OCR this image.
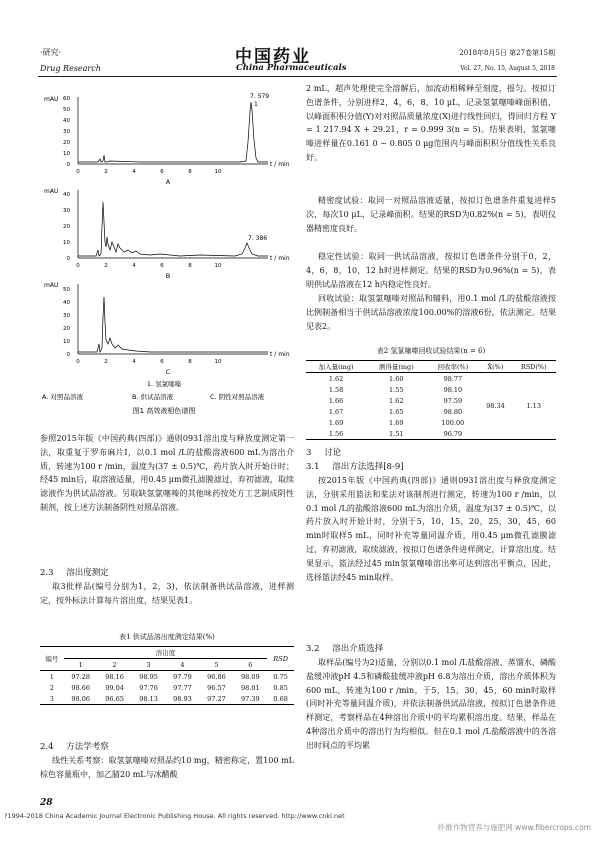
·研究·
Drug Research
中国药业
China Pharmaceuticals
2018年8月5日 第27卷第15期
Vol. 27, No. 15, August 5, 2018
mAU
0
10
20
30
40
50
60	7. 579
1
0	2	4	6	8	10
t / min
A
mAU
0
10
20
30
40
7. 386
0	2	4	6	8	10
t / min
B
mAU
0
10
20
30
40
50
0	2	4	6	8	10
t / min
C
1. 氢氯噻嗪
A. 对照品溶液	B. 供试品溶液	C. 阴性对照品溶液
图1 高效液相色谱图

参照2015年版《中国药典(四部)》通则0931溶出度与释放度测定第一法，取重复于罗布麻片Ⅰ，以0.1 mol /L的盐酸溶液600 mL为溶出介质，转速为100 r /min，温度为(37 ± 0.5)℃，药片放入时开始计时；经45 min后，取溶液适量，用0.45 μm微孔滤膜滤过，弃初滤液，取续滤液作为供试品溶液。另取缺氢氯噻嗪的其他味药按处方工艺制成阴性制剂，按上述方法制备阴性对照品溶液。

2.3 溶出度测定

取3批样品(编号分别为1，2，3)，依法制备供试品溶液，进样测定，按外标法计算每片溶出度，结果见表1。

表1 供试品溶出度测定结果(%)
编号	溶出度						RSD
	1	2	3	4	5	6	
1	97.28	98.16	98.95	97.79	96.86	98.09	0.75
2	98.66	99.04	97.76	97.77	96.57	98.01	0.85
3	98.06	96.65	98.13	98.93	97.27	97.39	0.68
2.4 方法学考察

线性关系考察：取氢氯噻嗪对照品约10 mg，精密称定，置100 mL棕色容量瓶中，加乙腈20 mL与冰醋酸

2 mL，超声处理使完全溶解后，加流动相稀释至刻度，摇匀。按拟订色谱条件，分别进样2，4，6，8，10 μL，记录氢氯噻嗪峰面积值，以峰面积积分值(Y)对对照品质量浓度(X)进行线性回归，得回归方程 Y = 1 217.94 X + 29.21，r = 0.999 3(n = 5)。结果表明，氢氯噻嗪进样量在0.161 0 ~ 0.805 0 μg范围内与峰面积积分值线性关系良好。

精密度试验：取同一对照品溶液适量，按拟订色谱条件重复进样5次，每次10 μL，记录峰面积。结果的RSD为0.82%(n = 5)，表明仪器精密度良好。

稳定性试验：取同一供试品溶液，按拟订色谱条件分别于0，2，4，6，8，10，12 h时进样测定。结果的RSD为0.96%(n = 5)，表明供试品溶液在12 h内稳定性良好。

回收试验：取氢氯噻嗪对照品和辅料，用0.1 mol /L的盐酸溶液按比例制备相当于供试品溶液浓度100.00%的溶液6份，依法测定。结果见表2。

表2 氢氯噻嗪回收试验结果(n = 6)
加入量(mg)	测得量(mg)	回收率(%)	X̄(%)	RSD(%)
1.62	1.60	98.77	98.34	1.13
1.58	1.55	98.10		
1.66	1.62	97.59		
1.67	1.65	98.80		
1.69	1.69	100.00		
1.56	1.51	96.79		
3 讨论
3.1 溶出方法选择[8-9]

按2015年版《中国药典(四部)》通则0931溶出度与释放度测定法，分别采用篮法和桨法对该制剂进行测定，转速为100 r /min，以0.1 mol /L的盐酸溶液600 mL为溶出介质，温度为(37 ± 0.5)℃，以药片放入时开始计时，分别于5，10，15，20，25，30，45，60 min时取样5 mL，同时补充等量同温介质，用0.45 μm微孔滤膜滤过，弃初滤液，取续滤液，按拟订色谱条件进样测定，计算溶出度。结果显示，篮法经过45 min氢氯噻嗪溶出率可达到溶出平衡点，因此，选择篮法经45 min取样。

3.2 溶出介质选择

取样品(编号为2)适量，分别以0.1 mol /L盐酸溶液、蒸馏水、磷酸盐缓冲液pH 4.5和磷酸盐缓冲液pH 6.8为溶出介质，溶出介质体积为600 mL，转速为100 r /min，于5，15，30，45，60 min时取样(同时补充等量同温介质)，并依法制备供试品溶液，按拟订色谱条件进样测定，考察样品在4种溶出介质中的平均累积溶出度。结果，样品在4种溶出介质中的溶出行为均相似。但在0.1 mol /L盐酸溶液中的各溶出时间点的平均累

28
?1994-2018 China Academic Journal Electronic Publishing House. All rights reserved. http://www.cnki.net
纤维作物营养与施肥网 www.fibercrops.com
